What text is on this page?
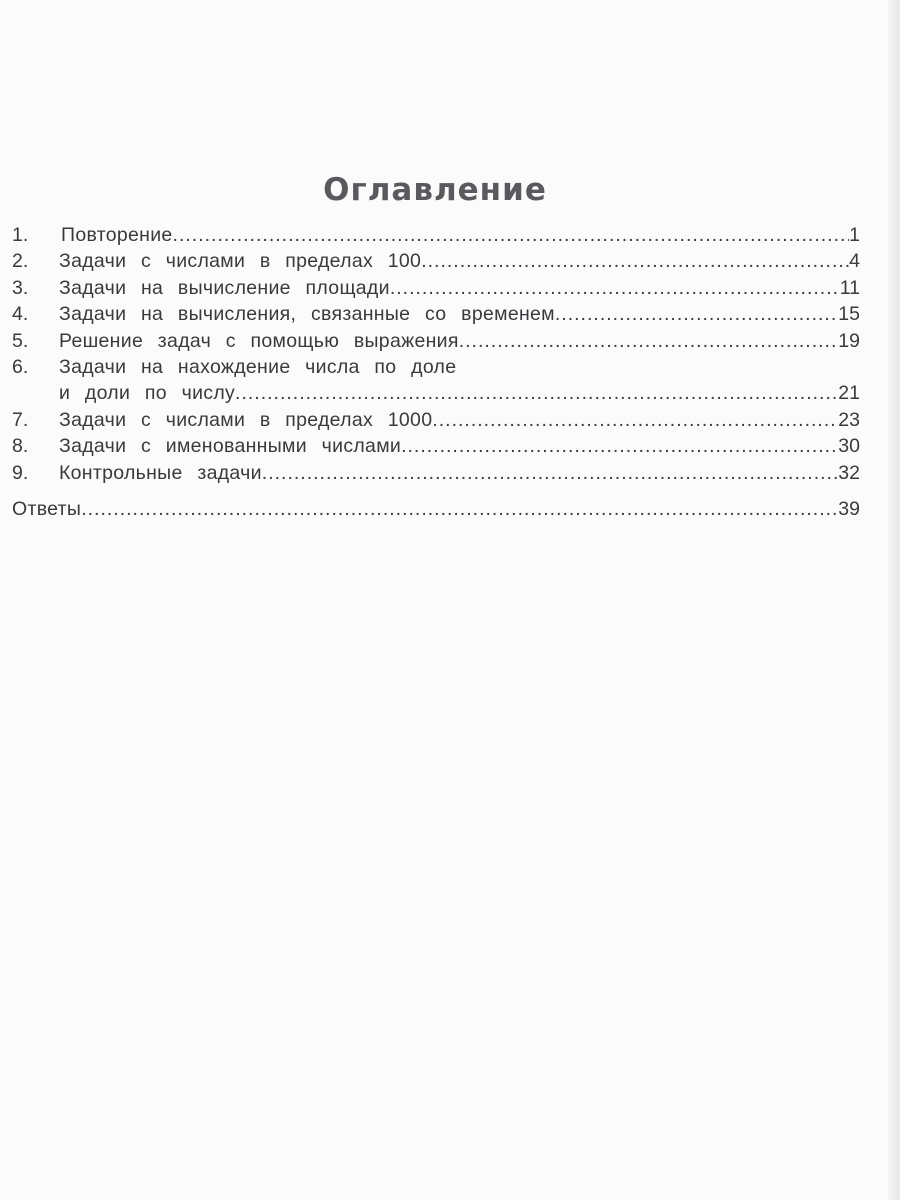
Оглавление
1.	Повторение .....	1
2.	Задачи с числами в пределах 100 .....	4
3.	Задачи на вычисление площади .....	11
4.	Задачи на вычисления, связанные со временем .....	15
5.	Решение задач с помощью выражения .....	19
6.	Задачи на нахождение числа по доле
и доли по числу .....	21
7.	Задачи с числами в пределах 1000 .....	23
8.	Задачи с именованными числами .....	30
9.	Контрольные задачи .....	32
Ответы .....	39
